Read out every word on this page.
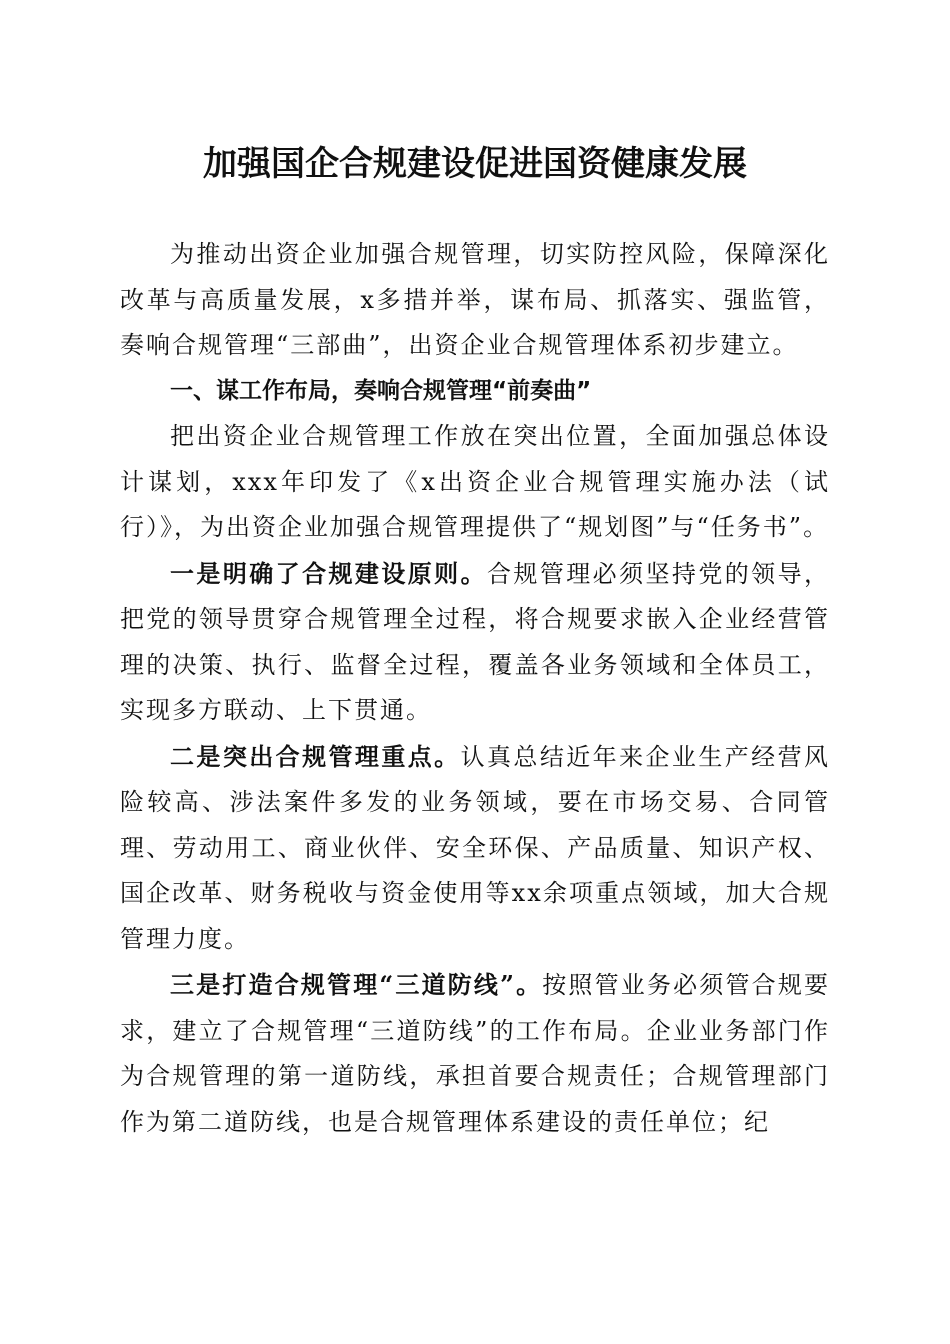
加强国企合规建设促进国资健康发展

为推动出资企业加强合规管理，切实防控风险，保障深化改革与高质量发展，x多措并举，谋布局、抓落实、强监管，奏响合规管理“三部曲”，出资企业合规管理体系初步建立。

一、谋工作布局，奏响合规管理“前奏曲”

把出资企业合规管理工作放在突出位置，全面加强总体设计谋划，xxx年印发了《x出资企业合规管理实施办法（试行）》，为出资企业加强合规管理提供了“规划图”与“任务书”。

一是明确了合规建设原则。合规管理必须坚持党的领导，把党的领导贯穿合规管理全过程，将合规要求嵌入企业经营管理的决策、执行、监督全过程，覆盖各业务领域和全体员工，实现多方联动、上下贯通。

二是突出合规管理重点。认真总结近年来企业生产经营风险较高、涉法案件多发的业务领域，要在市场交易、合同管理、劳动用工、商业伙伴、安全环保、产品质量、知识产权、国企改革、财务税收与资金使用等xx余项重点领域，加大合规管理力度。

三是打造合规管理“三道防线”。按照管业务必须管合规要求，建立了合规管理“三道防线”的工作布局。企业业务部门作为合规管理的第一道防线，承担首要合规责任；合规管理部门作为第二道防线，也是合规管理体系建设的责任单位；纪
